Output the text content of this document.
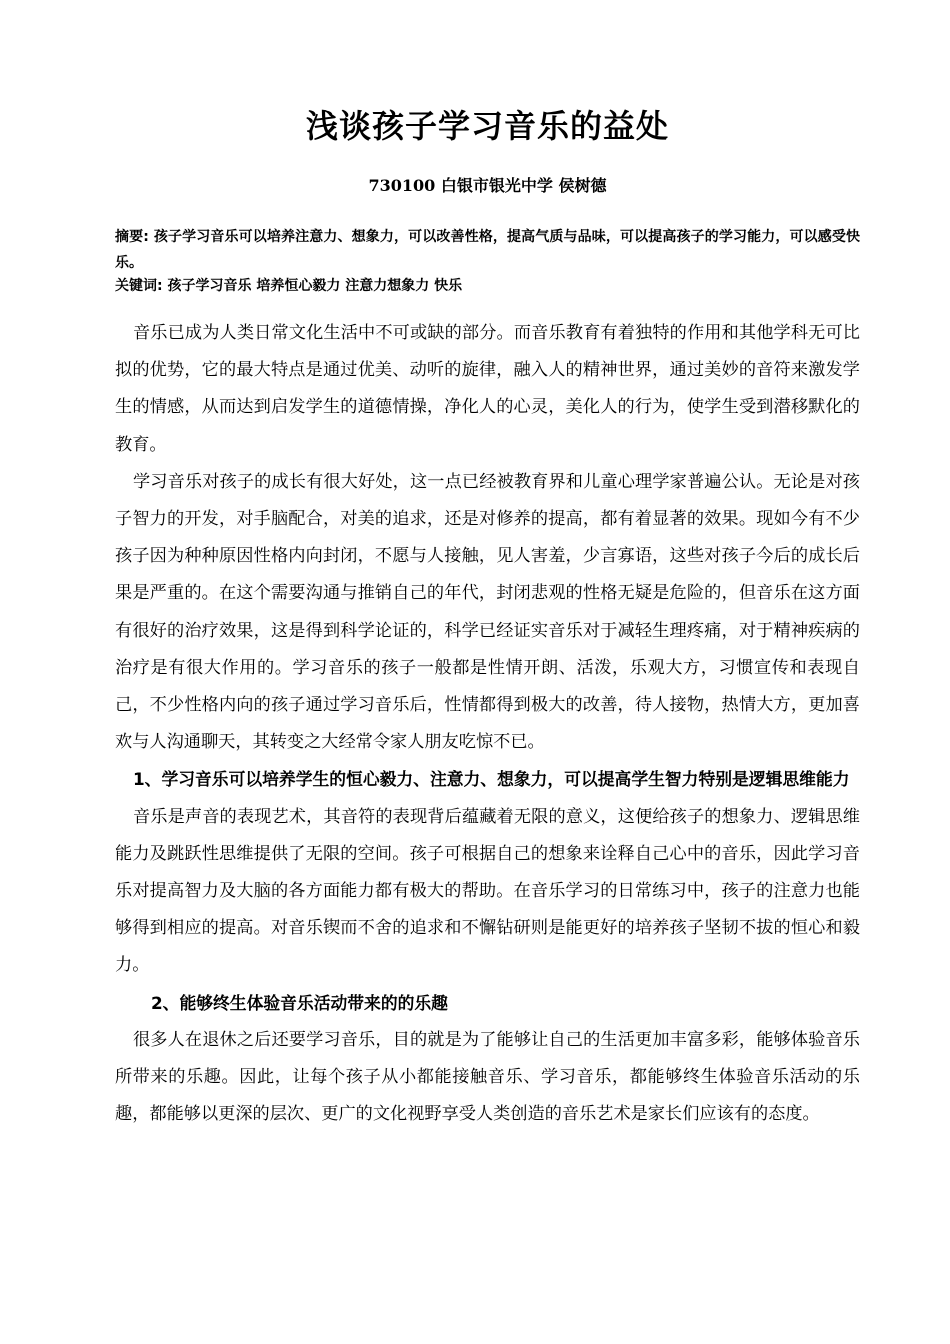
浅谈孩子学习音乐的益处
730100 白银市银光中学 侯树德
摘要: 孩子学习音乐可以培养注意力、想象力，可以改善性格，提高气质与品味，可以提高孩子的学习能力，可以感受快乐。
关键词: 孩子学习音乐 培养恒心毅力 注意力想象力 快乐

音乐已成为人类日常文化生活中不可或缺的部分。而音乐教育有着独特的作用和其他学科无可比拟的优势，它的最大特点是通过优美、动听的旋律，融入人的精神世界，通过美妙的音符来激发学生的情感，从而达到启发学生的道德情操，净化人的心灵，美化人的行为，使学生受到潜移默化的教育。

学习音乐对孩子的成长有很大好处，这一点已经被教育界和儿童心理学家普遍公认。无论是对孩子智力的开发，对手脑配合，对美的追求，还是对修养的提高，都有着显著的效果。现如今有不少孩子因为种种原因性格内向封闭，不愿与人接触，见人害羞，少言寡语，这些对孩子今后的成长后果是严重的。在这个需要沟通与推销自己的年代，封闭悲观的性格无疑是危险的，但音乐在这方面有很好的治疗效果，这是得到科学论证的，科学已经证实音乐对于减轻生理疼痛，对于精神疾病的治疗是有很大作用的。学习音乐的孩子一般都是性情开朗、活泼，乐观大方，习惯宣传和表现自己，不少性格内向的孩子通过学习音乐后，性情都得到极大的改善，待人接物，热情大方，更加喜欢与人沟通聊天，其转变之大经常令家人朋友吃惊不已。

1、学习音乐可以培养学生的恒心毅力、注意力、想象力，可以提高学生智力特别是逻辑思维能力

音乐是声音的表现艺术，其音符的表现背后蕴藏着无限的意义，这便给孩子的想象力、逻辑思维能力及跳跃性思维提供了无限的空间。孩子可根据自己的想象来诠释自己心中的音乐，因此学习音乐对提高智力及大脑的各方面能力都有极大的帮助。在音乐学习的日常练习中，孩子的注意力也能够得到相应的提高。对音乐锲而不舍的追求和不懈钻研则是能更好的培养孩子坚韧不拔的恒心和毅力。

2、能够终生体验音乐活动带来的的乐趣

很多人在退休之后还要学习音乐，目的就是为了能够让自己的生活更加丰富多彩，能够体验音乐所带来的乐趣。因此，让每个孩子从小都能接触音乐、学习音乐，都能够终生体验音乐活动的乐趣，都能够以更深的层次、更广的文化视野享受人类创造的音乐艺术是家长们应该有的态度。
